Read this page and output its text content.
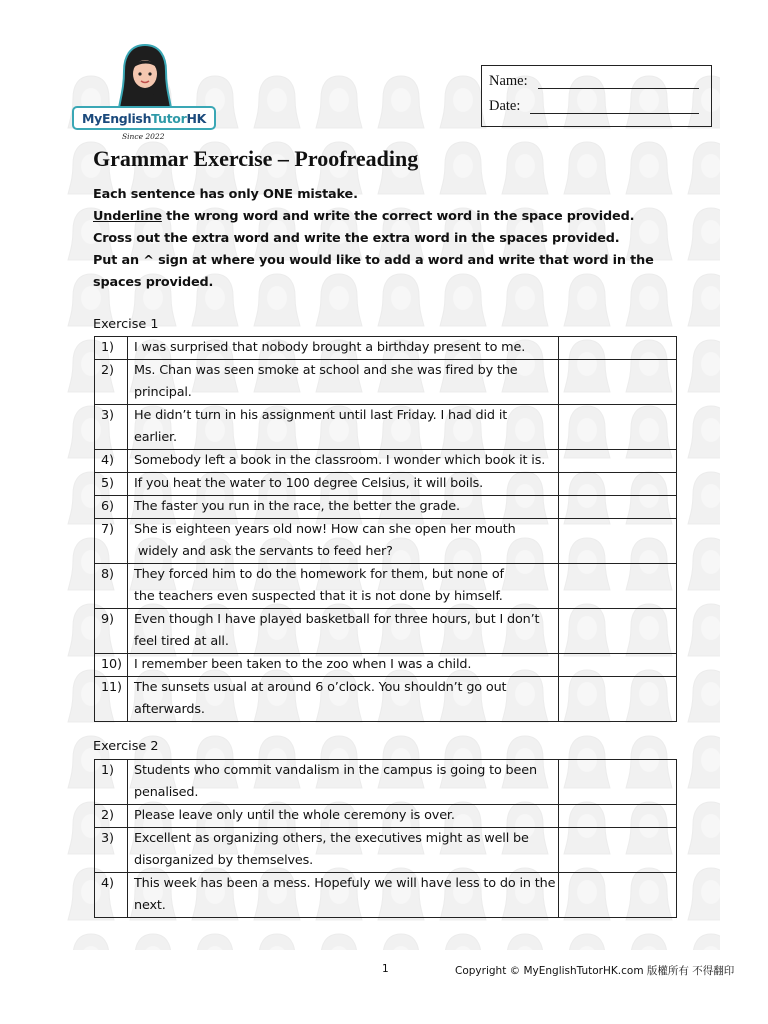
MyEnglish Tutor HK
Since 2022
Name:
Date:
Grammar Exercise – Proofreading

Each sentence has only ONE mistake.

Underline the wrong word and write the correct word in the space provided.

Cross out the extra word and write the extra word in the spaces provided.

Put an ^ sign at where you would like to add a word and write that word in the spaces provided.

Exercise 1
1)	I was surprised that nobody brought a birthday present to me.	

2)	Ms. Chan was seen smoke at school and she was fired by the
principal.	

3)	He didn’t turn in his assignment until last Friday. I had did it
earlier.	

4)	Somebody left a book in the classroom. I wonder which book it is.	

5)	If you heat the water to 100 degree Celsius, it will boils.	

6)	The faster you run in the race, the better the grade.	

7)	She is eighteen years old now! How can she open her mouth
widely and ask the servants to feed her?	

8)	They forced him to do the homework for them, but none of
the teachers even suspected that it is not done by himself.	

9)	Even though I have played basketball for three hours, but I don’t
feel tired at all.	

10)	I remember been taken to the zoo when I was a child.	

11)	The sunsets usual at around 6 o’clock. You shouldn’t go out
afterwards.	

Exercise 2
1)	Students who commit vandalism in the campus is going to been
penalised.	

2)	Please leave only until the whole ceremony is over.	

3)	Excellent as organizing others, the executives might as well be
disorganized by themselves.	

4)	This week has been a mess. Hopefuly we will have less to do in the
next.	

1	Copyright © MyEnglishTutorHK.com 版權所有 不得翻印
